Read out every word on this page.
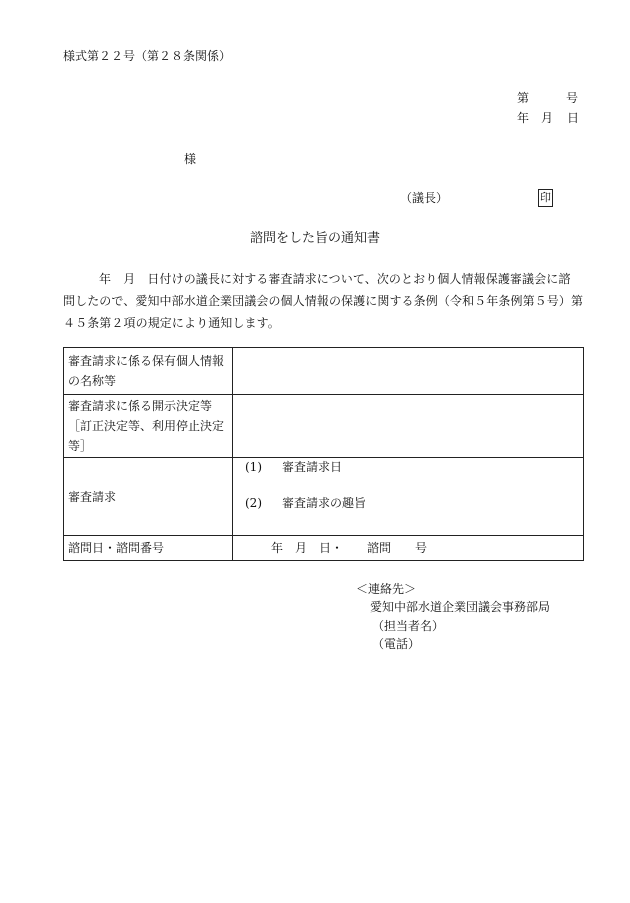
様式第２２号（第２８条関係）
第	号
年 月 日
様
（議長）	印
諮問をした旨の通知書
年　月　日付けの議長に対する審査請求について、次のとおり個人情報保護審議会に諮
問したので、愛知中部水道企業団議会の個人情報の保護に関する条例（令和５年条例第５号）第
４５条第２項の規定により通知します。
審査請求に係る保有個人情報の名称等	
審査請求に係る開示決定等［訂正決定等、利用停止決定等］	
審査請求	(1) 審査請求日
(2) 審査請求の趣旨

諮問日・諮問番号	年　月　日・　　諮問　　号
＜連絡先＞
愛知中部水道企業団議会事務部局
（担当者名）
（電話）
